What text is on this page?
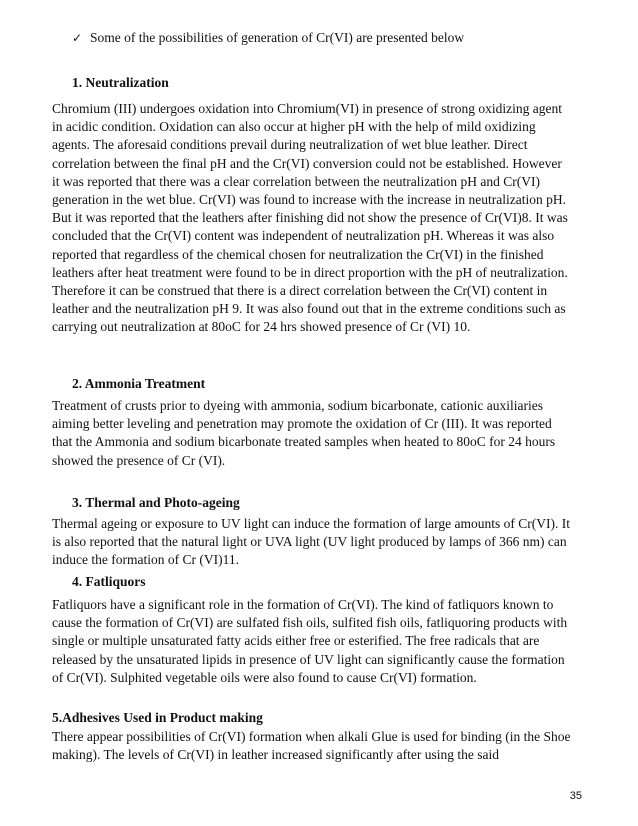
✓ Some of the possibilities of generation of Cr(VI) are presented below
1. Neutralization

Chromium (III) undergoes oxidation into Chromium(VI) in presence of strong oxidizing agent in acidic condition. Oxidation can also occur at higher pH with the help of mild oxidizing agents. The aforesaid conditions prevail during neutralization of wet blue leather. Direct correlation between the final pH and the Cr(VI) conversion could not be established. However it was reported that there was a clear correlation between the neutralization pH and Cr(VI) generation in the wet blue. Cr(VI) was found to increase with the increase in neutralization pH. But it was reported that the leathers after finishing did not show the presence of Cr(VI)8. It was concluded that the Cr(VI) content was independent of neutralization pH. Whereas it was also reported that regardless of the chemical chosen for neutralization the Cr(VI) in the finished leathers after heat treatment were found to be in direct proportion with the pH of neutralization. Therefore it can be construed that there is a direct correlation between the Cr(VI) content in leather and the neutralization pH 9. It was also found out that in the extreme conditions such as carrying out neutralization at 80oC for 24 hrs showed presence of Cr (VI) 10.

2. Ammonia Treatment

Treatment of crusts prior to dyeing with ammonia, sodium bicarbonate, cationic auxiliaries aiming better leveling and penetration may promote the oxidation of Cr (III). It was reported that the Ammonia and sodium bicarbonate treated samples when heated to 80oC for 24 hours showed the presence of Cr (VI).

3. Thermal and Photo-ageing

Thermal ageing or exposure to UV light can induce the formation of large amounts of Cr(VI). It is also reported that the natural light or UVA light (UV light produced by lamps of 366 nm) can induce the formation of Cr (VI)11.

4. Fatliquors

Fatliquors have a significant role in the formation of Cr(VI). The kind of fatliquors known to cause the formation of Cr(VI) are sulfated fish oils, sulfited fish oils, fatliquoring products with single or multiple unsaturated fatty acids either free or esterified. The free radicals that are released by the unsaturated lipids in presence of UV light can significantly cause the formation of Cr(VI). Sulphited vegetable oils were also found to cause Cr(VI) formation.

5.Adhesives Used in Product making

There appear possibilities of Cr(VI) formation when alkali Glue is used for binding (in the Shoe making). The levels of Cr(VI) in leather increased significantly after using the said

35
